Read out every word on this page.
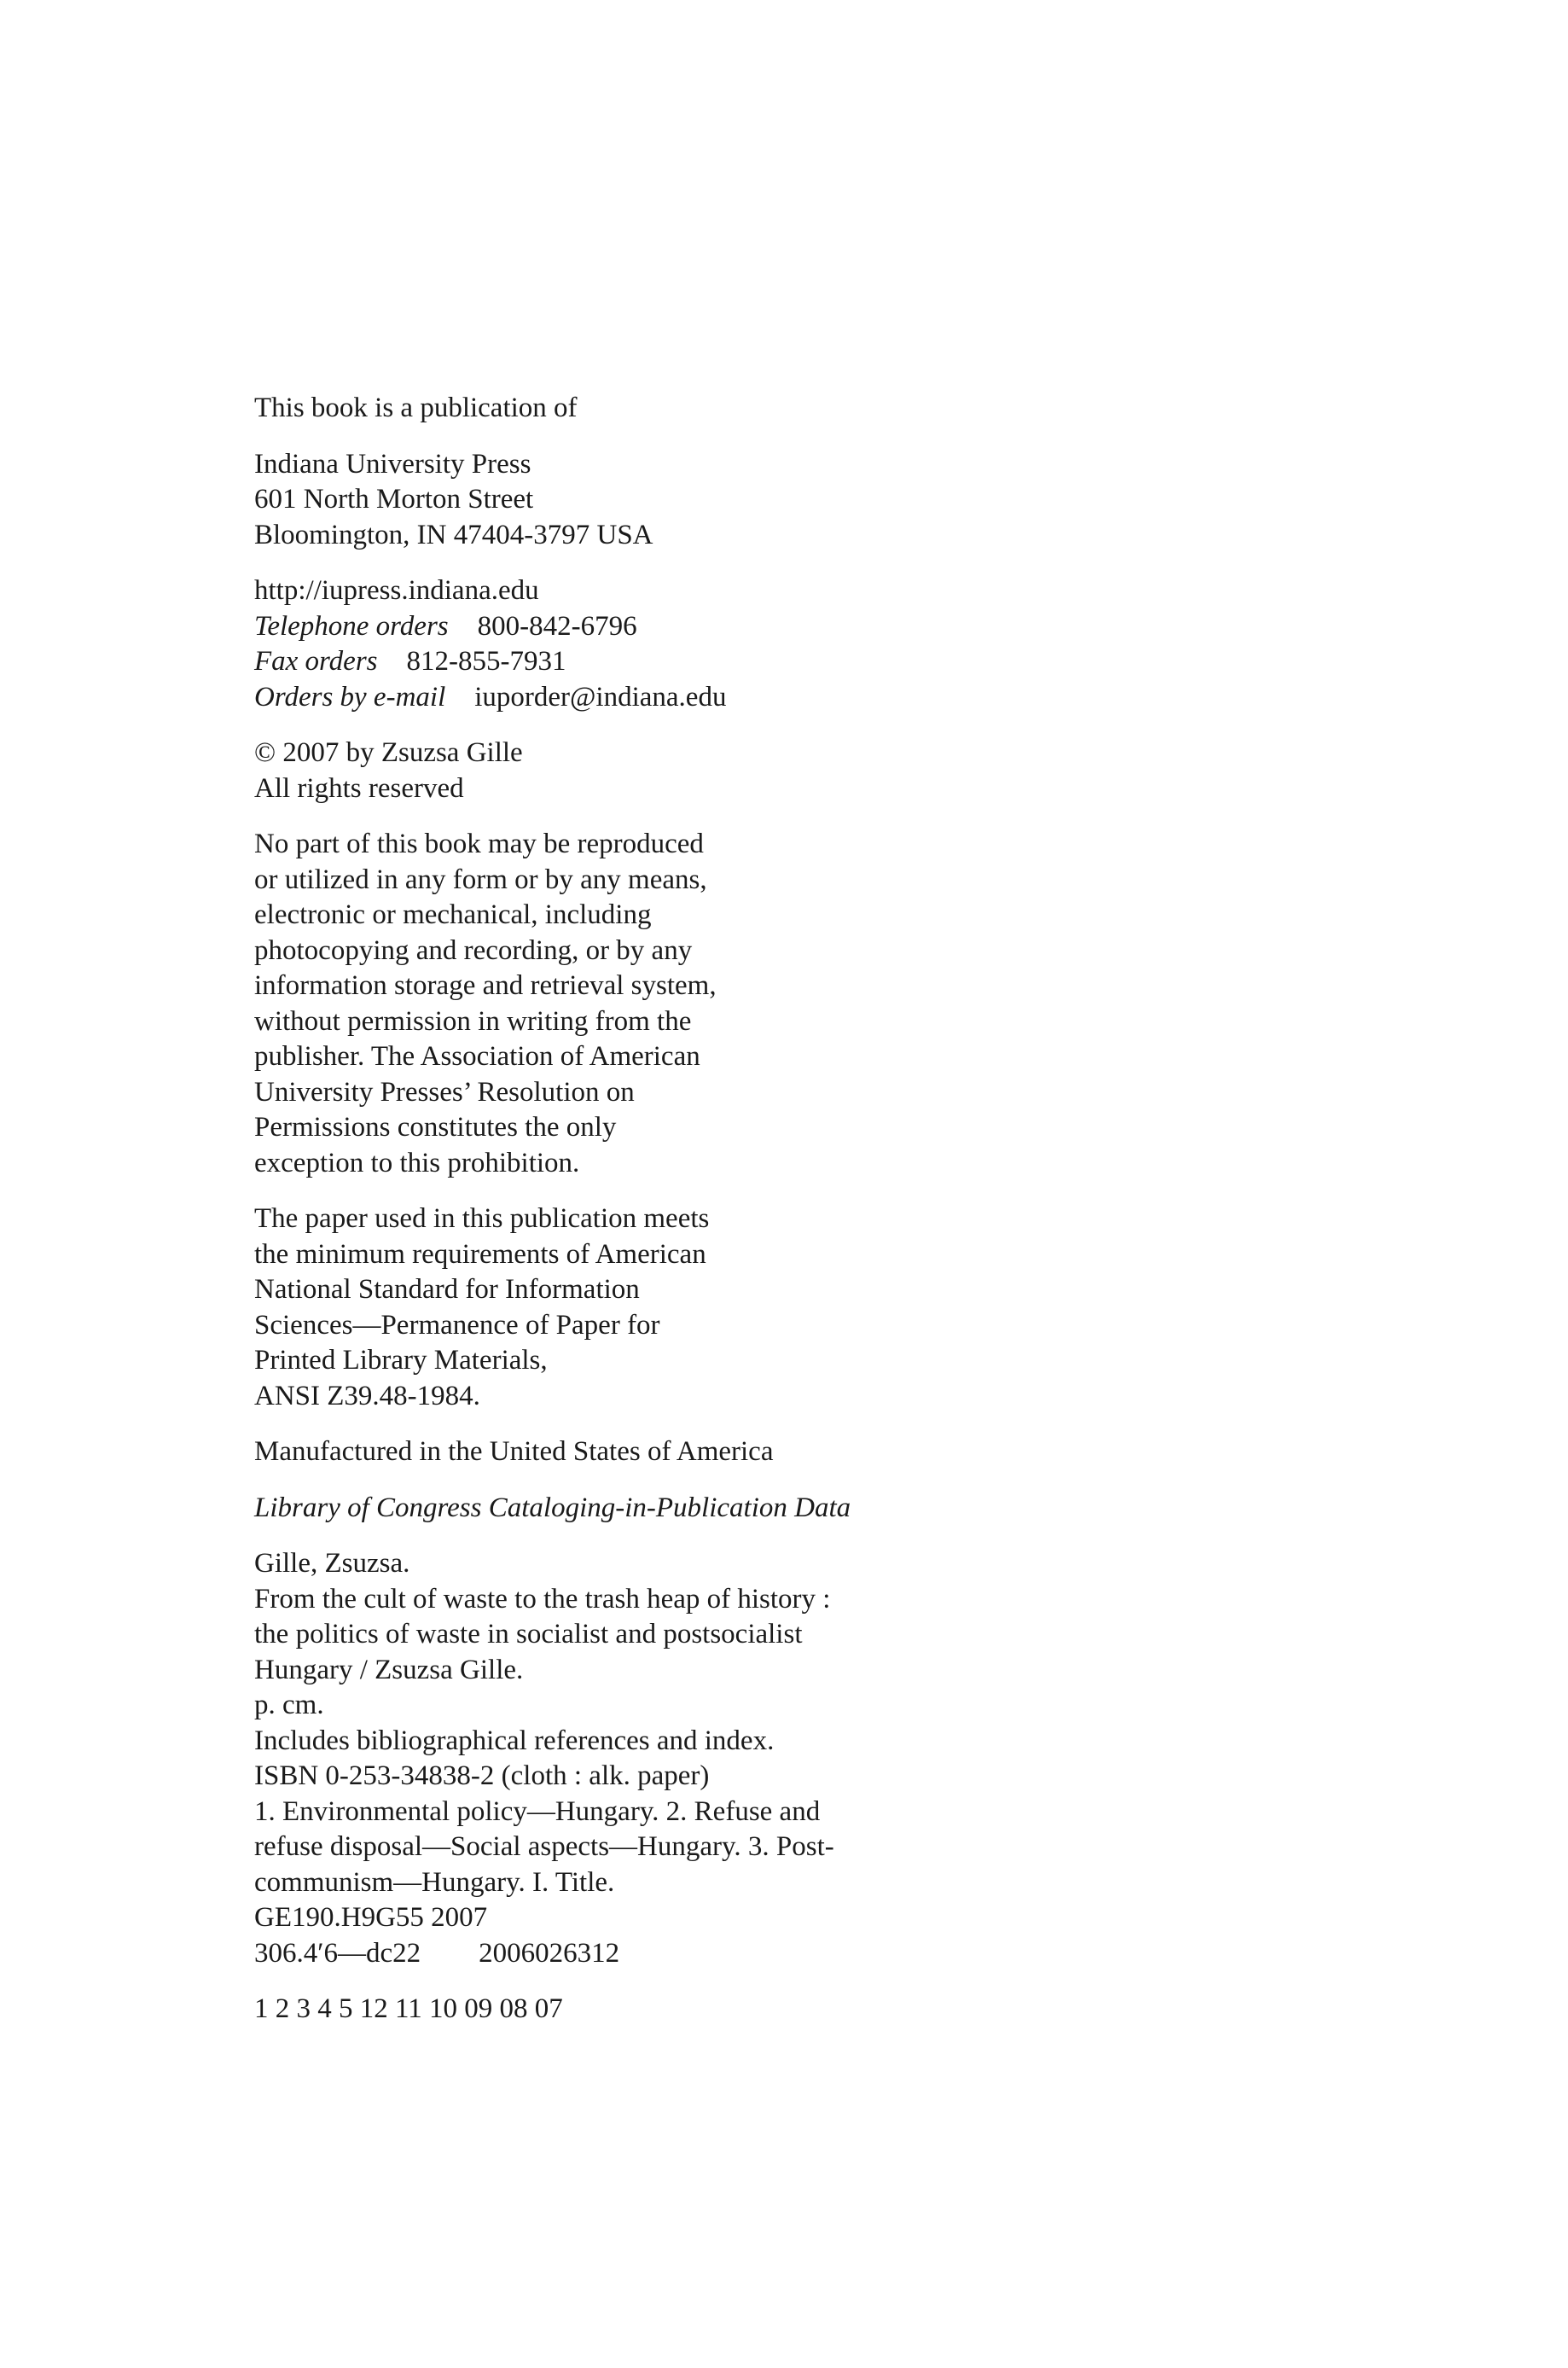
This book is a publication of
Indiana University Press
601 North Morton Street
Bloomington, IN 47404-3797 USA
http://iupress.indiana.edu
Telephone orders 800-842-6796
Fax orders 812-855-7931
Orders by e-mail iuporder@indiana.edu
© 2007 by Zsuzsa Gille
All rights reserved
No part of this book may be reproduced
or utilized in any form or by any means,
electronic or mechanical, including
photocopying and recording, or by any
information storage and retrieval system,
without permission in writing from the
publisher. The Association of American
University Presses’ Resolution on
Permissions constitutes the only
exception to this prohibition.
The paper used in this publication meets
the minimum requirements of American
National Standard for Information
Sciences—Permanence of Paper for
Printed Library Materials,
ANSI Z39.48-1984.
Manufactured in the United States of America
Library of Congress Cataloging-in-Publication Data
Gille, Zsuzsa.
From the cult of waste to the trash heap of history :
the politics of waste in socialist and postsocialist
Hungary / Zsuzsa Gille.
p. cm.
Includes bibliographical references and index.
ISBN 0-253-34838-2 (cloth : alk. paper)
1. Environmental policy—Hungary. 2. Refuse and
refuse disposal—Social aspects—Hungary. 3. Post-
communism—Hungary. I. Title.
GE190.H9G55 2007
306.4′6—dc22 2006026312
1 2 3 4 5 12 11 10 09 08 07
